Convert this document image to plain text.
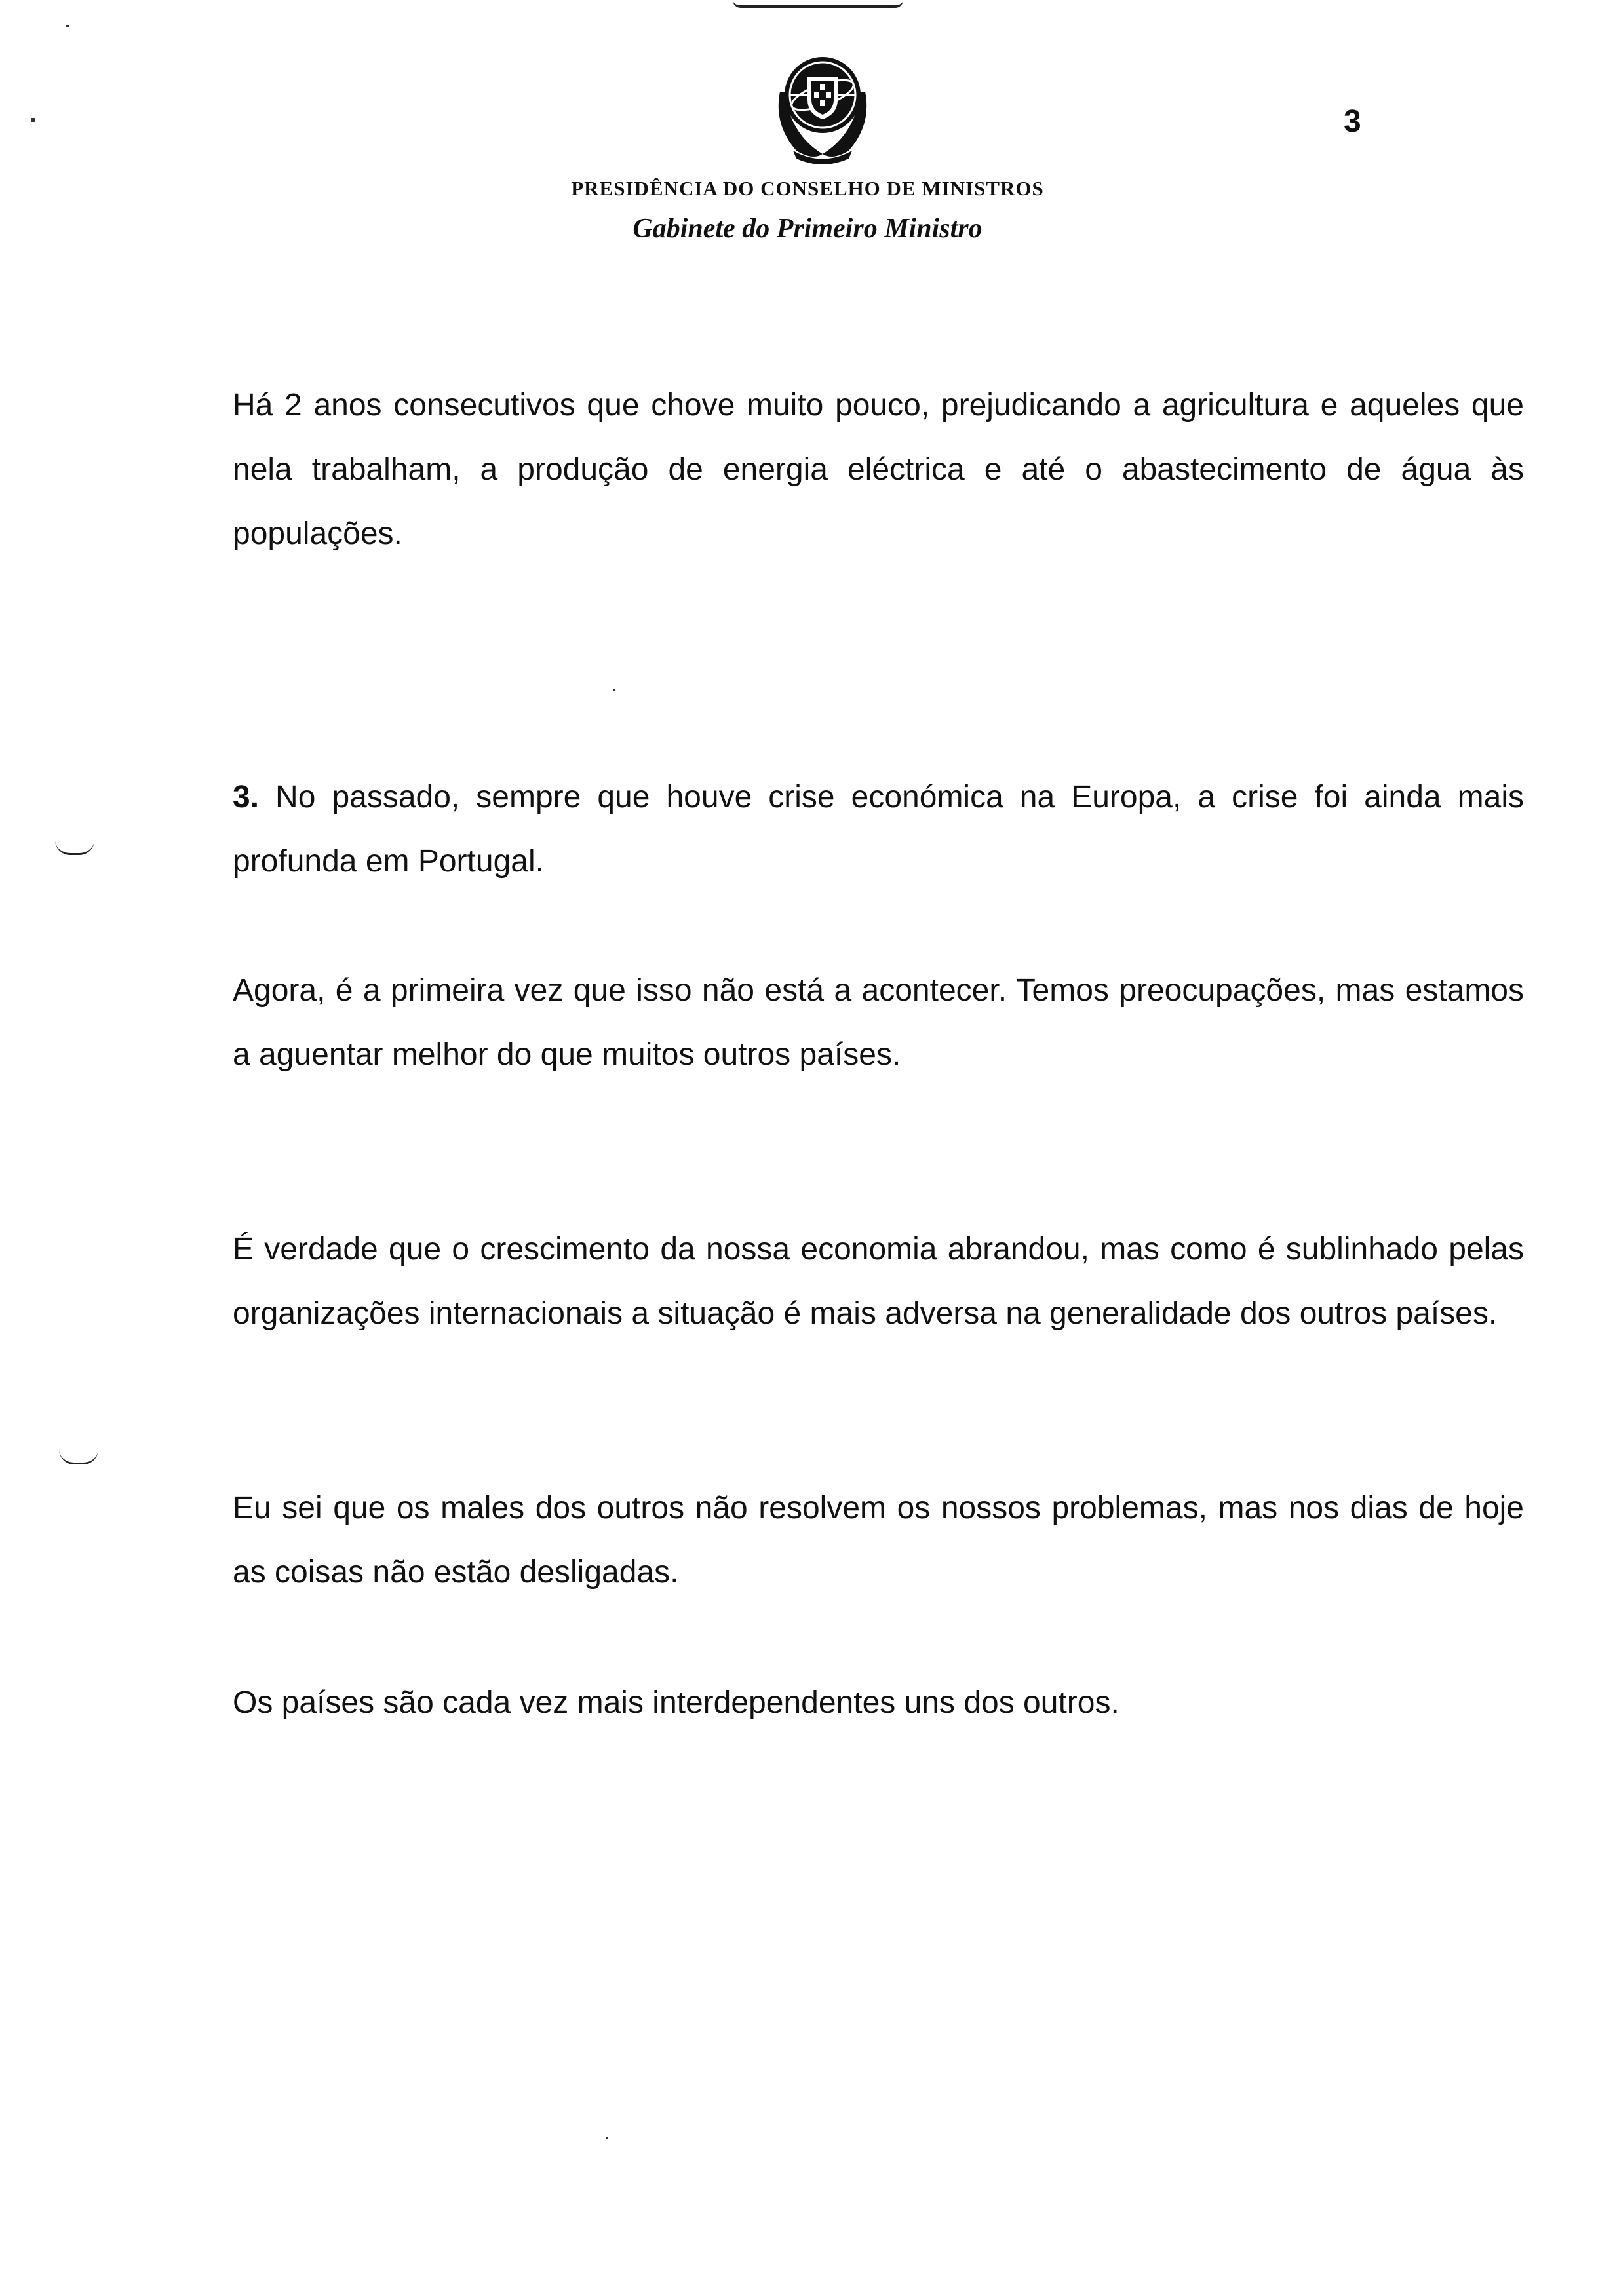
3
PRESIDÊNCIA DO CONSELHO DE MINISTROS
Gabinete do Primeiro Ministro

Há 2 anos consecutivos que chove muito pouco, prejudicando a agricultura e aqueles que nela trabalham, a produção de energia eléctrica e até o abastecimento de água às populações.

3. No passado, sempre que houve crise económica na Europa, a crise foi ainda mais profunda em Portugal.

Agora, é a primeira vez que isso não está a acontecer. Temos preocupações, mas estamos a aguentar melhor do que muitos outros países.

É verdade que o crescimento da nossa economia abrandou, mas como é sublinhado pelas organizações internacionais a situação é mais adversa na generalidade dos outros países.

Eu sei que os males dos outros não resolvem os nossos problemas, mas nos dias de hoje as coisas não estão desligadas.

Os países são cada vez mais interdependentes uns dos outros.
